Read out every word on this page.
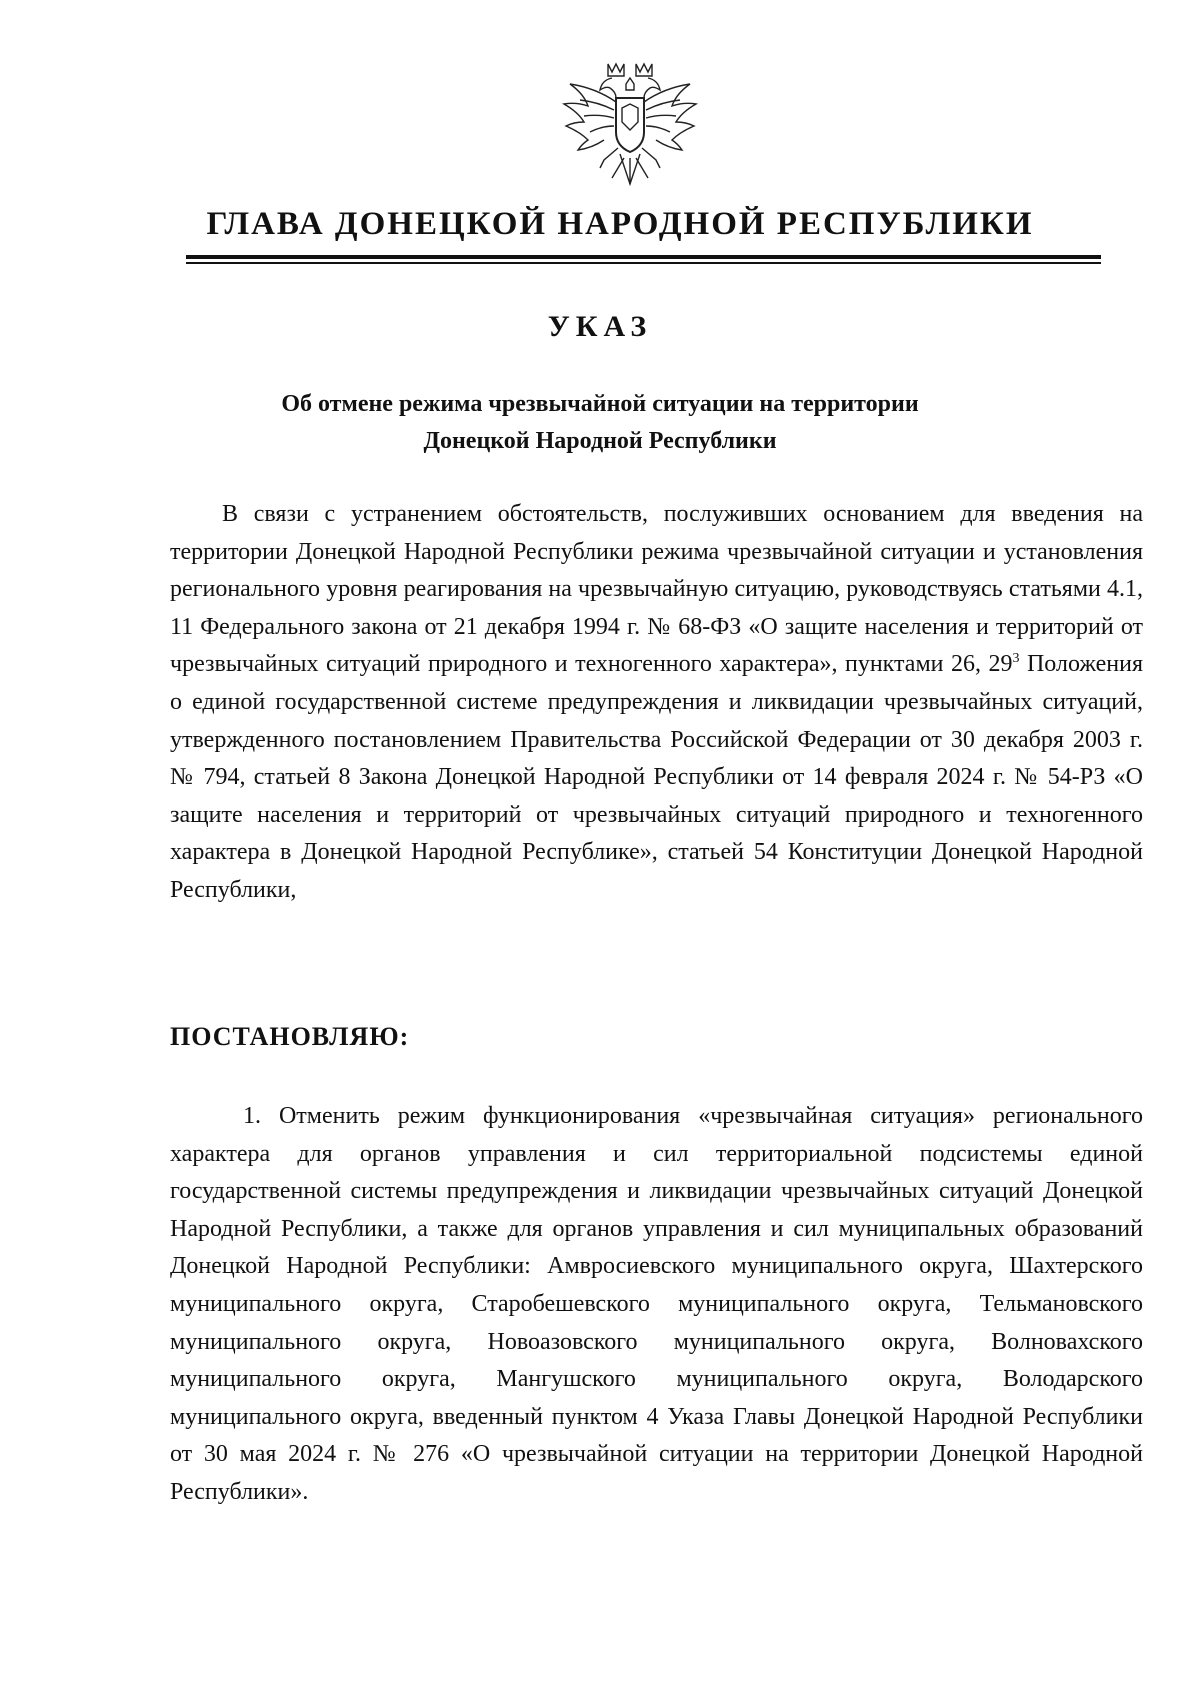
ГЛАВА ДОНЕЦКОЙ НАРОДНОЙ РЕСПУБЛИКИ
УКАЗ
Об отмене режима чрезвычайной ситуации на территории
Донецкой Народной Республики
В связи с устранением обстоятельств, послуживших основанием для введения на территории Донецкой Народной Республики режима чрезвычайной ситуации и установления регионального уровня реагирования на чрезвычайную ситуацию, руководствуясь статьями 4.1, 11 Федерального закона от 21 декабря 1994 г. № 68-ФЗ «О защите населения и территорий от чрезвычайных ситуаций природного и техногенного характера», пунктами 26, $29^3$ Положения о единой государственной системе предупреждения и ликвидации чрезвычайных ситуаций, утвержденного постановлением Правительства Российской Федерации от 30 декабря 2003 г. № 794, статьей 8 Закона Донецкой Народной Республики от 14 февраля 2024 г. № 54-РЗ «О защите населения и территорий от чрезвычайных ситуаций природного и техногенного характера в Донецкой Народной Республике», статьей 54 Конституции Донецкой Народной Республики,
ПОСТАНОВЛЯЮ:
1. Отменить режим функционирования «чрезвычайная ситуация» регионального характера для органов управления и сил территориальной подсистемы единой государственной системы предупреждения и ликвидации чрезвычайных ситуаций Донецкой Народной Республики, а также для органов управления и сил муниципальных образований Донецкой Народной Республики: Амвросиевского муниципального округа, Шахтерского муниципального округа, Старобешевского муниципального округа, Тельмановского муниципального округа, Новоазовского муниципального округа, Волновахского муниципального округа, Мангушского муниципального округа, Володарского муниципального округа, введенный пунктом 4 Указа Главы Донецкой Народной Республики от 30 мая 2024 г. № 276 «О чрезвычайной ситуации на территории Донецкой Народной Республики».
